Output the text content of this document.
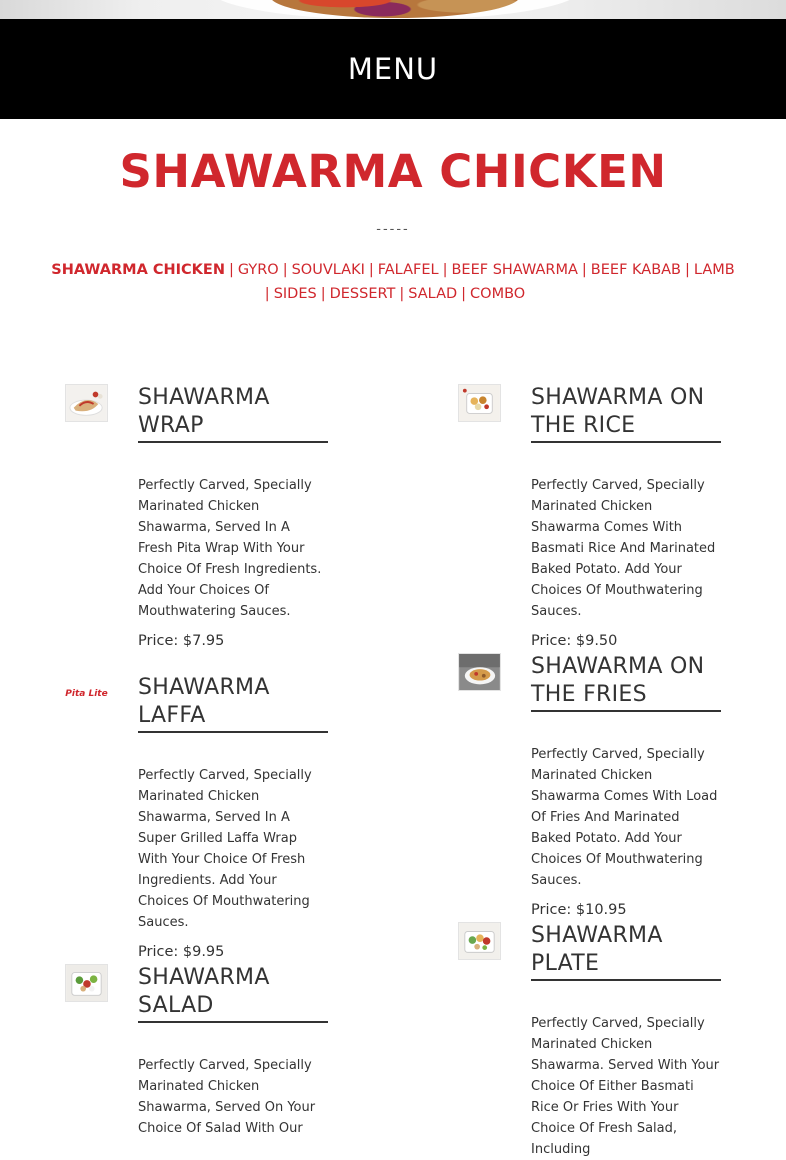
MENU
SHAWARMA CHICKEN
-----
SHAWARMA CHICKEN | GYRO | SOUVLAKI | FALAFEL | BEEF SHAWARMA | BEEF KABAB | LAMB
| SIDES | DESSERT | SALAD | COMBO
SHAWARMA WRAP

Perfectly Carved, Specially Marinated Chicken Shawarma, Served In A Fresh Pita Wrap With Your Choice Of Fresh Ingredients. Add Your Choices Of Mouthwatering Sauces.

Price: $7.95

Pita Lite SHAWARMA LAFFA

Perfectly Carved, Specially Marinated Chicken Shawarma, Served In A Super Grilled Laffa Wrap With Your Choice Of Fresh Ingredients. Add Your Choices Of Mouthwatering Sauces.

Price: $9.95

SHAWARMA SALAD

Perfectly Carved, Specially Marinated Chicken Shawarma, Served On Your Choice Of Salad With Our

SHAWARMA ON THE RICE

Perfectly Carved, Specially Marinated Chicken Shawarma Comes With Basmati Rice And Marinated Baked Potato. Add Your Choices Of Mouthwatering Sauces.

Price: $9.50

SHAWARMA ON THE FRIES

Perfectly Carved, Specially Marinated Chicken Shawarma Comes With Load Of Fries And Marinated Baked Potato. Add Your Choices Of Mouthwatering Sauces.

Price: $10.95

SHAWARMA PLATE

Perfectly Carved, Specially Marinated Chicken Shawarma. Served With Your Choice Of Either Basmati Rice Or Fries With Your Choice Of Fresh Salad, Including
